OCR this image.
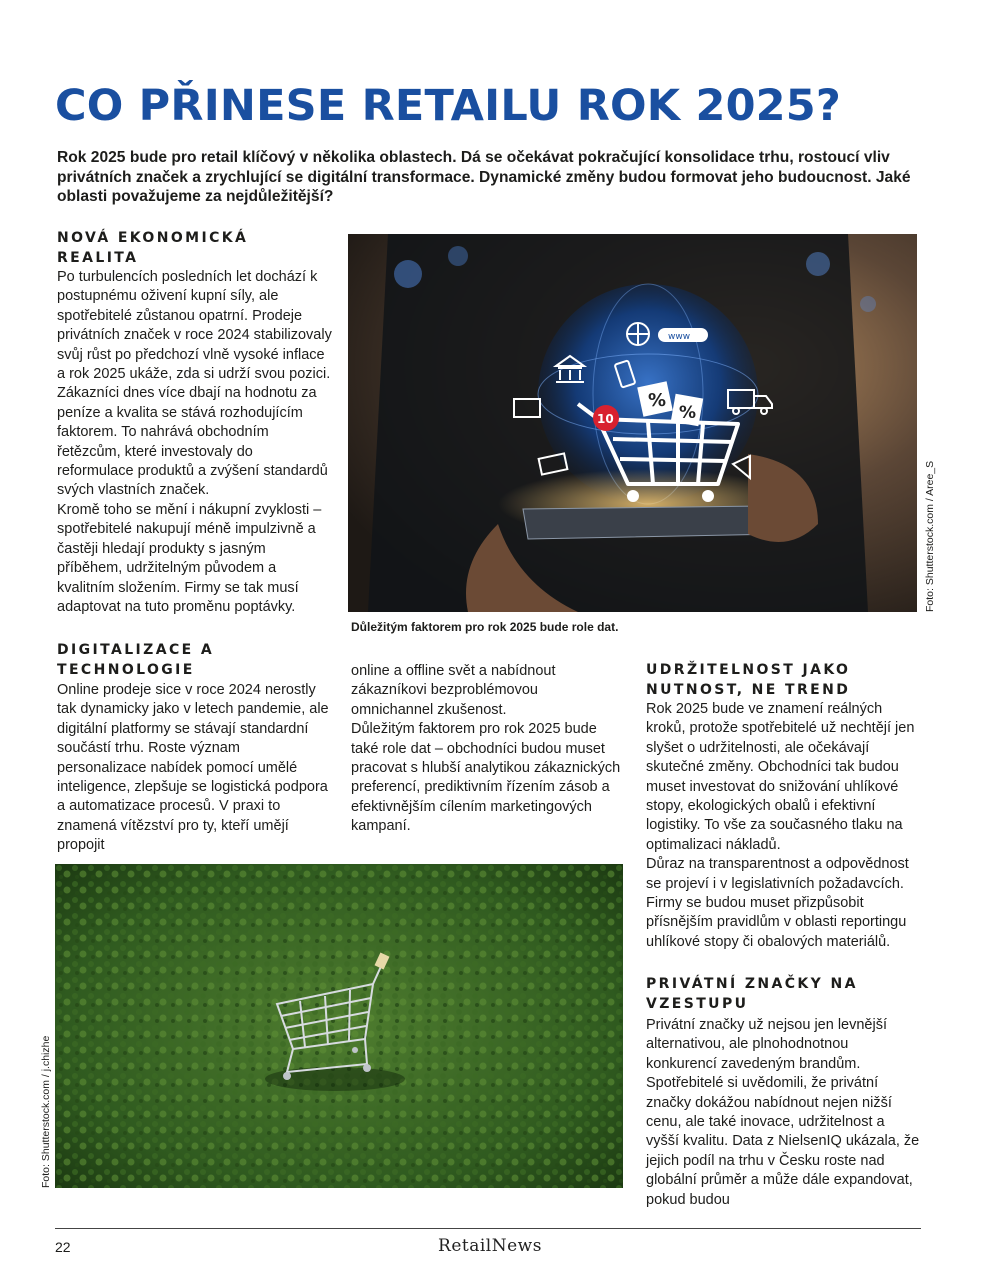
CO PŘINESE RETAILU ROK 2025?

Rok 2025 bude pro retail klíčový v několika oblastech. Dá se očekávat pokračující konsolidace trhu, rostoucí vliv privátních značek a zrychlující se digitální transformace. Dynamické změny budou formovat jeho budoucnost. Jaké oblasti považujeme za nejdůležitější?

NOVÁ EKONOMICKÁ REALITA

Po turbulencích posledních let dochází k postupnému oživení kupní síly, ale spotřebitelé zůstanou opatrní. Prodeje privátních značek v roce 2024 stabilizovaly svůj růst po předchozí vlně vysoké inflace a rok 2025 ukáže, zda si udrží svou pozici. Zákazníci dnes více dbají na hodnotu za peníze a kvalita se stává rozhodujícím faktorem. To nahrává obchodním řetězcům, které investovaly do reformulace produktů a zvýšení standardů svých vlastních značek.
Kromě toho se mění i nákupní zvyklosti – spotřebitelé nakupují méně impulzivně a častěji hledají produkty s jasným příběhem, udržitelným původem a kvalitním složením. Firmy se tak musí adaptovat na tuto proměnu poptávky.

%
%
10
www

Důležitým faktorem pro rok 2025 bude role dat.

Foto: Shutterstock.com / Aree_S
DIGITALIZACE A TECHNOLOGIE

Online prodeje sice v roce 2024 nerostly tak dynamicky jako v letech pandemie, ale digitální platformy se stávají standardní součástí trhu. Roste význam personalizace nabídek pomocí umělé inteligence, zlepšuje se logistická podpora a automatizace procesů. V praxi to znamená vítězství pro ty, kteří umějí propojit

online a offline svět a nabídnout zákazníkovi bezproblémovou omnichannel zkušenost.
Důležitým faktorem pro rok 2025 bude také role dat – obchodníci budou muset pracovat s hlubší analytikou zákaznických preferencí, prediktivním řízením zásob a efektivnějším cílením marketingových kampaní.

UDRŽITELNOST JAKO NUTNOST, NE TREND

Rok 2025 bude ve znamení reálných kroků, protože spotřebitelé už nechtějí jen slyšet o udržitelnosti, ale očekávají skutečné změny. Obchodníci tak budou muset investovat do snižování uhlíkové stopy, ekologických obalů i efektivní logistiky. To vše za současného tlaku na optimalizaci nákladů.
Důraz na transparentnost a odpovědnost se projeví i v legislativních požadavcích. Firmy se budou muset přizpůsobit přísnějším pravidlům v oblasti reportingu uhlíkové stopy či obalových materiálů.

PRIVÁTNÍ ZNAČKY NA VZESTUPU

Privátní značky už nejsou jen levnější alternativou, ale plnohodnotnou konkurencí zavedeným brandům. Spotřebitelé si uvědomili, že privátní značky dokážou nabídnout nejen nižší cenu, ale také inovace, udržitelnost a vyšší kvalitu. Data z NielsenIQ ukázala, že jejich podíl na trhu v Česku roste nad globální průměr a může dále expandovat, pokud budou

Foto: Shutterstock.com / j.chizhe
22	RetailNews
